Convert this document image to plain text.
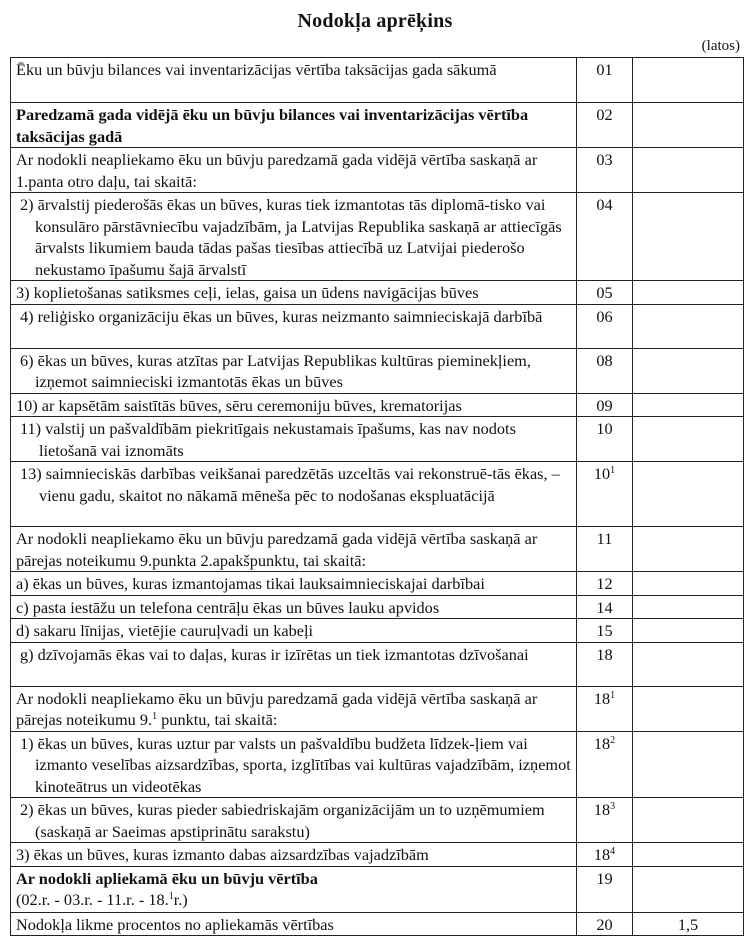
Nodokļa aprēķins
(latos)
Ēku un būvju bilances vai inventarizācijas vērtība taksācijas gada sākumā	01	
Paredzamā gada vidējā ēku un būvju bilances vai inventarizācijas vērtība taksācijas gadā	02	
Ar nodokli neapliekamo ēku un būvju paredzamā gada vidējā vērtība saskaņā ar 1.panta otro daļu, tai skaitā:	03	

2) ārvalstij piederošās ēkas un būves, kuras tiek izmantotas tās diplomā-tisko vai konsulāro pārstāvniecību vajadzībām, ja Latvijas Republika saskaņā ar attiecīgās ārvalsts likumiem bauda tādas pašas tiesības attiecībā uz Latvijai piederošo nekustamo īpašumu šajā ārvalstī	04	
3) koplietošanas satiksmes ceļi, ielas, gaisa un ūdens navigācijas būves	05	

4) reliģisko organizāciju ēkas un būves, kuras neizmanto saimnieciskajā darbībā	06	

6) ēkas un būves, kuras atzītas par Latvijas Republikas kultūras pieminekļiem, izņemot saimnieciski izmantotās ēkas un būves	08	
10) ar kapsētām saistītās būves, sēru ceremoniju būves, krematorijas	09	

11) valstij un pašvaldībām piekritīgais nekustamais īpašums, kas nav nodots lietošanā vai iznomāts	10	

13) saimnieciskās darbības veikšanai paredzētās uzceltās vai rekonstruē-tās ēkas, – vienu gadu, skaitot no nākamā mēneša pēc to nodošanas ekspluatācijā	$10^1$	
Ar nodokli neapliekamo ēku un būvju paredzamā gada vidējā vērtība saskaņā ar pārejas noteikumu 9.punkta 2.apakšpunktu, tai skaitā:	11	
a) ēkas un būves, kuras izmantojamas tikai lauksaimnieciskajai darbībai	12	
c) pasta iestāžu un telefona centrāļu ēkas un būves lauku apvidos	14	
d) sakaru līnijas, vietējie cauruļvadi un kabeļi	15	

g) dzīvojamās ēkas vai to daļas, kuras ir izīrētas un tiek izmantotas dzīvošanai	18	
Ar nodokli neapliekamo ēku un būvju paredzamā gada vidējā vērtība saskaņā ar pārejas noteikumu 9.$^1$ punktu, tai skaitā:	$18^1$	

1) ēkas un būves, kuras uztur par valsts un pašvaldību budžeta līdzek-ļiem vai izmanto veselības aizsardzības, sporta, izglītības vai kultūras vajadzībām, izņemot kinoteātrus un videotēkas	$18^2$	

2) ēkas un būves, kuras pieder sabiedriskajām organizācijām un to uzņēmumiem (saskaņā ar Saeimas apstiprinātu sarakstu)	$18^3$	
3) ēkas un būves, kuras izmanto dabas aizsardzības vajadzībām	$18^4$	
Ar nodokli apliekamā ēku un būvju vērtība
(02.r. - 03.r. - 11.r. - 18.$^1$r.)	19	
Nodokļa likme procentos no apliekamās vērtības	20	1,5
